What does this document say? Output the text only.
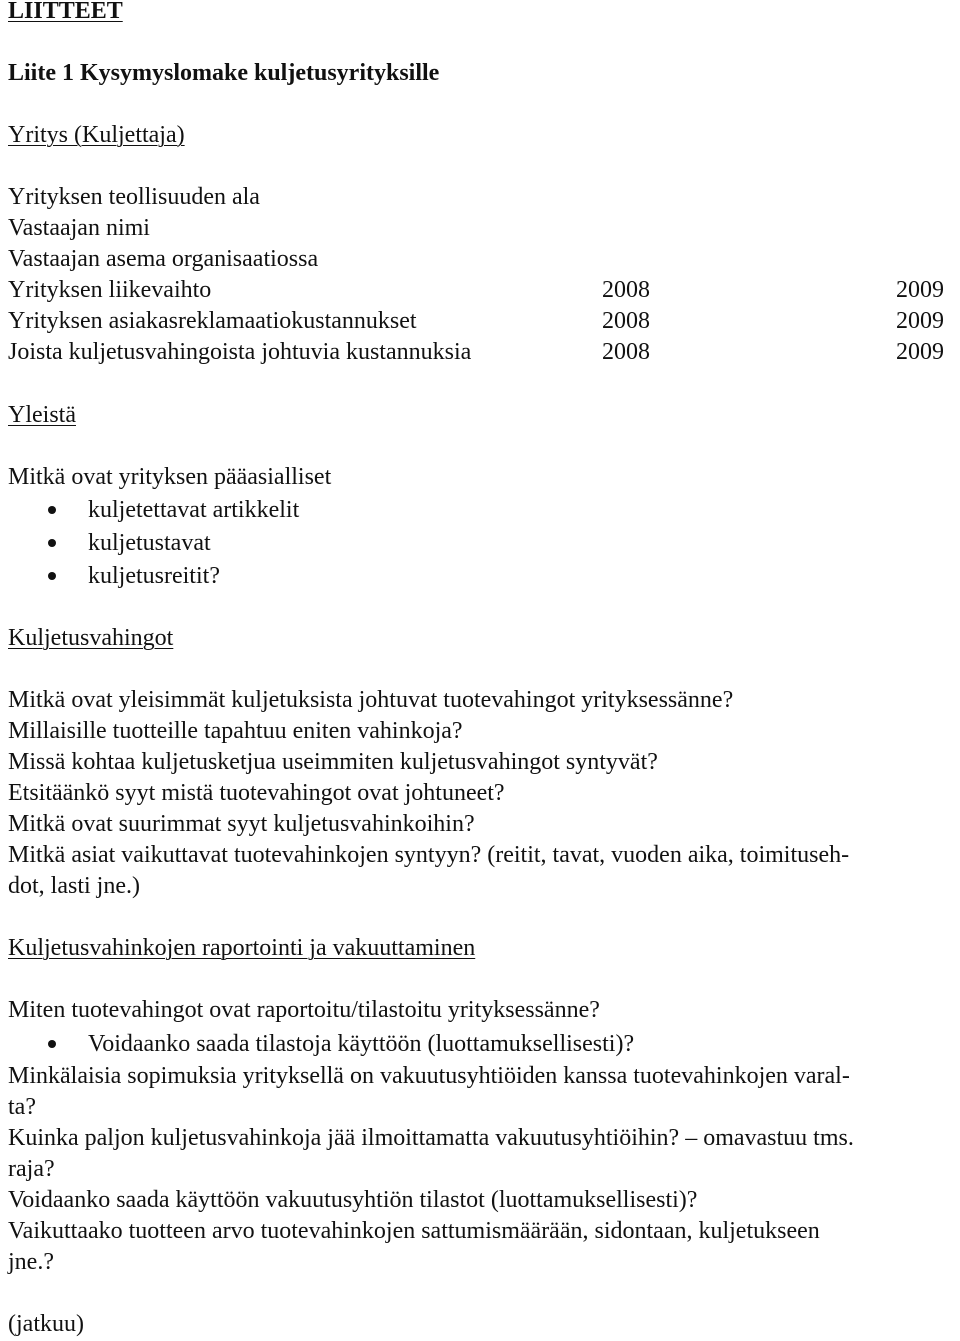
LIITTEET
Liite 1 Kysymyslomake kuljetusyrityksille
Yritys (Kuljettaja)
Yrityksen teollisuuden ala
Vastaajan nimi
Vastaajan asema organisaatiossa
Yrityksen liikevaihto	2008	2009
Yrityksen asiakasreklamaatiokustannukset	2008	2009
Joista kuljetusvahingoista johtuvia kustannuksia	2008	2009
Yleistä
Mitkä ovat yrityksen pääasialliset
kuljetettavat artikkelit
kuljetustavat
kuljetusreitit?
Kuljetusvahingot
Mitkä ovat yleisimmät kuljetuksista johtuvat tuotevahingot yrityksessänne?
Millaisille tuotteille tapahtuu eniten vahinkoja?
Missä kohtaa kuljetusketjua useimmiten kuljetusvahingot syntyvät?
Etsitäänkö syyt mistä tuotevahingot ovat johtuneet?
Mitkä ovat suurimmat syyt kuljetusvahinkoihin?
Mitkä asiat vaikuttavat tuotevahinkojen syntyyn? (reitit, tavat, vuoden aika, toimituseh-
dot, lasti jne.)
Kuljetusvahinkojen raportointi ja vakuuttaminen
Miten tuotevahingot ovat raportoitu/tilastoitu yrityksessänne?
Voidaanko saada tilastoja käyttöön (luottamuksellisesti)?
Minkälaisia sopimuksia yrityksellä on vakuutusyhtiöiden kanssa tuotevahinkojen varal-
ta?
Kuinka paljon kuljetusvahinkoja jää ilmoittamatta vakuutusyhtiöihin? – omavastuu tms.
raja?
Voidaanko saada käyttöön vakuutusyhtiön tilastot (luottamuksellisesti)?
Vaikuttaako tuotteen arvo tuotevahinkojen sattumismäärään, sidontaan, kuljetukseen
jne.?
(jatkuu)
